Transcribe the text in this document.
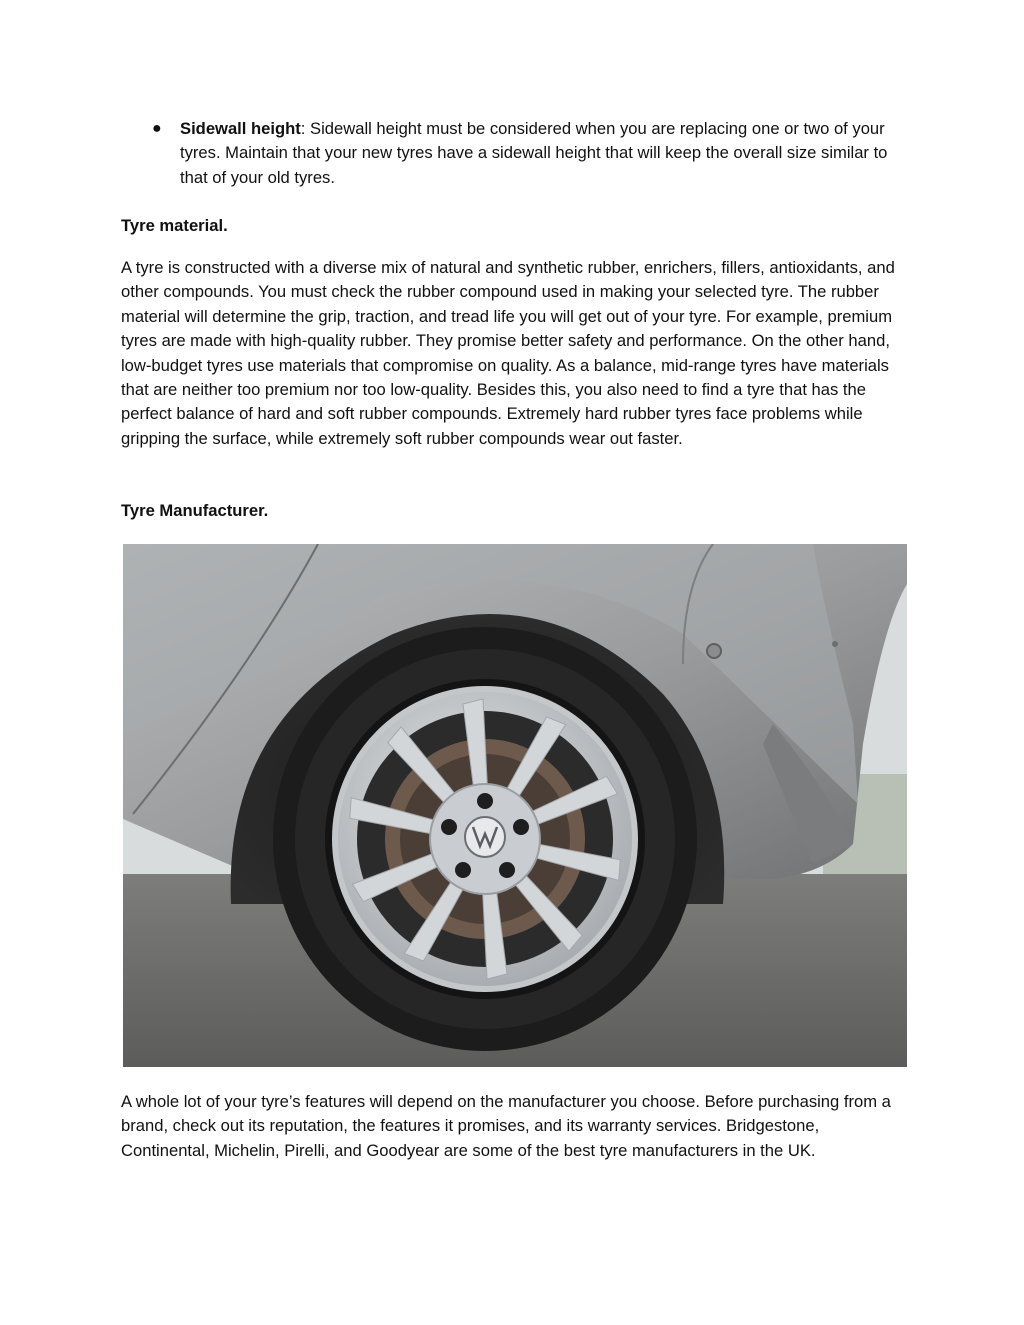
● Sidewall height: Sidewall height must be considered when you are replacing one or two of your tyres. Maintain that your new tyres have a sidewall height that will keep the overall size similar to that of your old tyres.

Tyre material.

A tyre is constructed with a diverse mix of natural and synthetic rubber, enrichers, fillers, antioxidants, and other compounds. You must check the rubber compound used in making your selected tyre. The rubber material will determine the grip, traction, and tread life you will get out of your tyre. For example, premium tyres are made with high-quality rubber. They promise better safety and performance. On the other hand, low-budget tyres use materials that compromise on quality. As a balance, mid-range tyres have materials that are neither too premium nor too low-quality. Besides this, you also need to find a tyre that has the perfect balance of hard and soft rubber compounds. Extremely hard rubber tyres face problems while gripping the surface, while extremely soft rubber compounds wear out faster.

Tyre Manufacturer.

A whole lot of your tyre’s features will depend on the manufacturer you choose. Before purchasing from a brand, check out its reputation, the features it promises, and its warranty services. Bridgestone, Continental, Michelin, Pirelli, and Goodyear are some of the best tyre manufacturers in the UK.
